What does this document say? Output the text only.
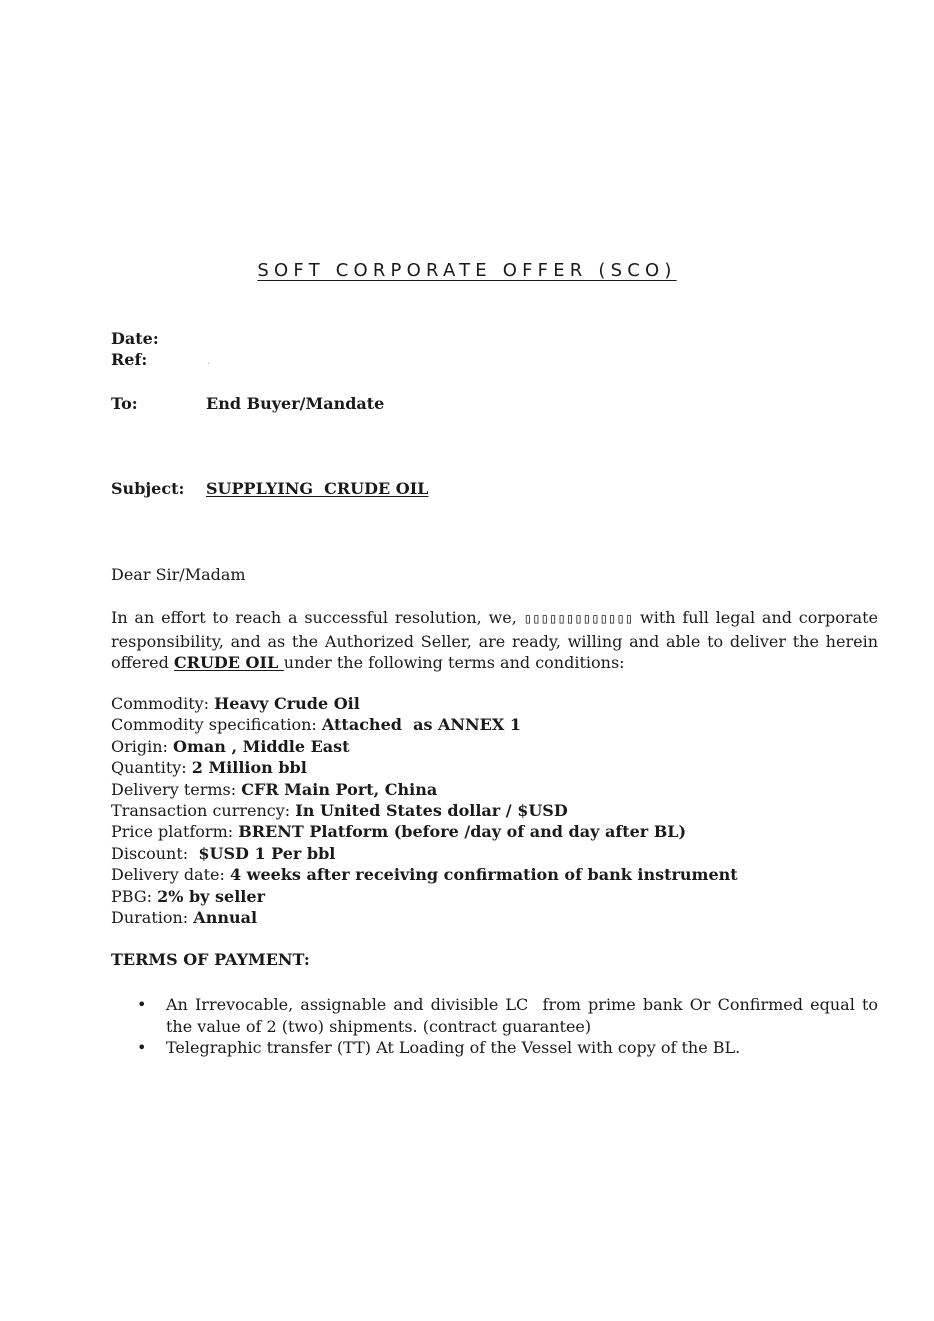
SOFT CORPORATE OFFER (SCO)
Date:
Ref:	`
To:	End Buyer/Mandate
Subject: SUPPLYING  CRUDE OIL
Dear Sir/Madam
In an effort to reach a successful resolution, we, ▯▯▯▯▯▯▯▯▯▯▯▯▯ with full legal and corporate responsibility, and as the Authorized Seller, are ready, willing and able to deliver the herein offered CRUDE OIL under the following terms and conditions:
Commodity: Heavy Crude Oil
Commodity specification: Attached  as ANNEX 1
Origin: Oman , Middle East
Quantity: 2 Million bbl
Delivery terms: CFR Main Port, China
Transaction currency: In United States dollar / $USD
Price platform: BRENT Platform (before /day of and day after BL)
Discount:  $USD 1 Per bbl
Delivery date: 4 weeks after receiving confirmation of bank instrument
PBG: 2% by seller
Duration: Annual
TERMS OF PAYMENT:
• An Irrevocable, assignable and divisible LC  from prime bank Or Confirmed equal to the value of 2 (two) shipments. (contract guarantee)
• Telegraphic transfer (TT) At Loading of the Vessel with copy of the BL.
